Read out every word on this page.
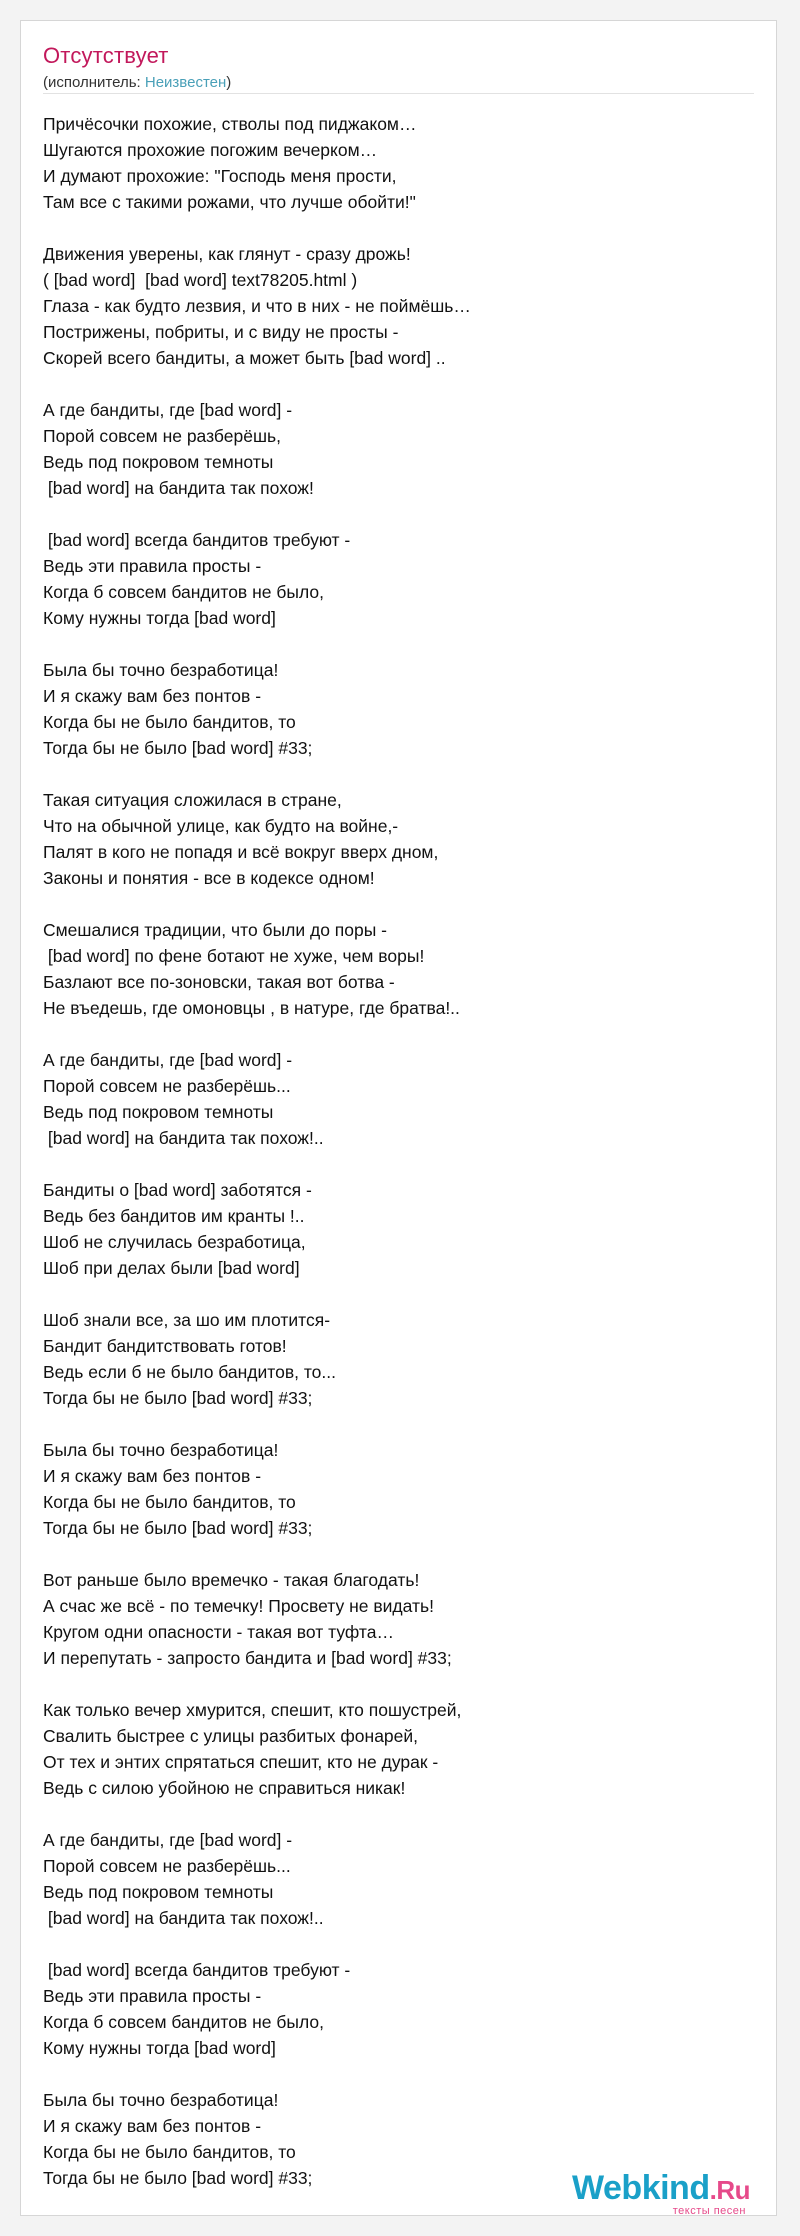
Отсутствует
(исполнитель: Неизвестен)
Причёсочки похожие, стволы под пиджаком…
Шугаются прохожие погожим вечерком…
И думают прохожие: "Господь меня прости,
Там все с такими рожами, что лучше обойти!"

Движения уверены, как глянут - сразу дрожь!
( [bad word]  [bad word] text78205.html )
Глаза - как будто лезвия, и что в них - не поймёшь…
Пострижены, побриты, и с виду не просты -
Скорей всего бандиты, а может быть [bad word] ..

А где бандиты, где [bad word] -
Порой совсем не разберёшь,
Ведь под покровом темноты
[bad word] на бандита так похож!

[bad word] всегда бандитов требуют -
Ведь эти правила просты -
Когда б совсем бандитов не было,
Кому нужны тогда [bad word]

Была бы точно безработица!
И я скажу вам без понтов -
Когда бы не было бандитов, то
Тогда бы не было [bad word] #33;

Такая ситуация сложилася в стране,
Что на обычной улице, как будто на войне,-
Палят в кого не попадя и всё вокруг вверх дном,
Законы и понятия - все в кодексе одном!

Смешалися традиции, что были до поры -
[bad word] по фене ботают не хуже, чем воры!
Базлают все по-зоновски, такая вот ботва -
Не въедешь, где омоновцы , в натуре, где братва!..

А где бандиты, где [bad word] -
Порой совсем не разберёшь...
Ведь под покровом темноты
[bad word] на бандита так похож!..

Бандиты о [bad word] заботятся -
Ведь без бандитов им кранты !..
Шоб не случилась безработица,
Шоб при делах были [bad word]

Шоб знали все, за шо им плотится-
Бандит бандитствовать готов!
Ведь если б не было бандитов, то...
Тогда бы не было [bad word] #33;

Была бы точно безработица!
И я скажу вам без понтов -
Когда бы не было бандитов, то
Тогда бы не было [bad word] #33;

Вот раньше было времечко - такая благодать!
А счас же всё - по темечку! Просвету не видать!
Кругом одни опасности - такая вот туфта…
И перепутать - запросто бандита и [bad word] #33;

Как только вечер хмурится, спешит, кто пошустрей,
Свалить быстрее с улицы разбитых фонарей,
От тех и энтих спрятаться спешит, кто не дурак -
Ведь с силою убойною не справиться никак!

А где бандиты, где [bad word] -
Порой совсем не разберёшь...
Ведь под покровом темноты
[bad word] на бандита так похож!..

[bad word] всегда бандитов требуют -
Ведь эти правила просты -
Когда б совсем бандитов не было,
Кому нужны тогда [bad word]

Была бы точно безработица!
И я скажу вам без понтов -
Когда бы не было бандитов, то
Тогда бы не было [bad word] #33;	Webkind.Ru
тексты песен
